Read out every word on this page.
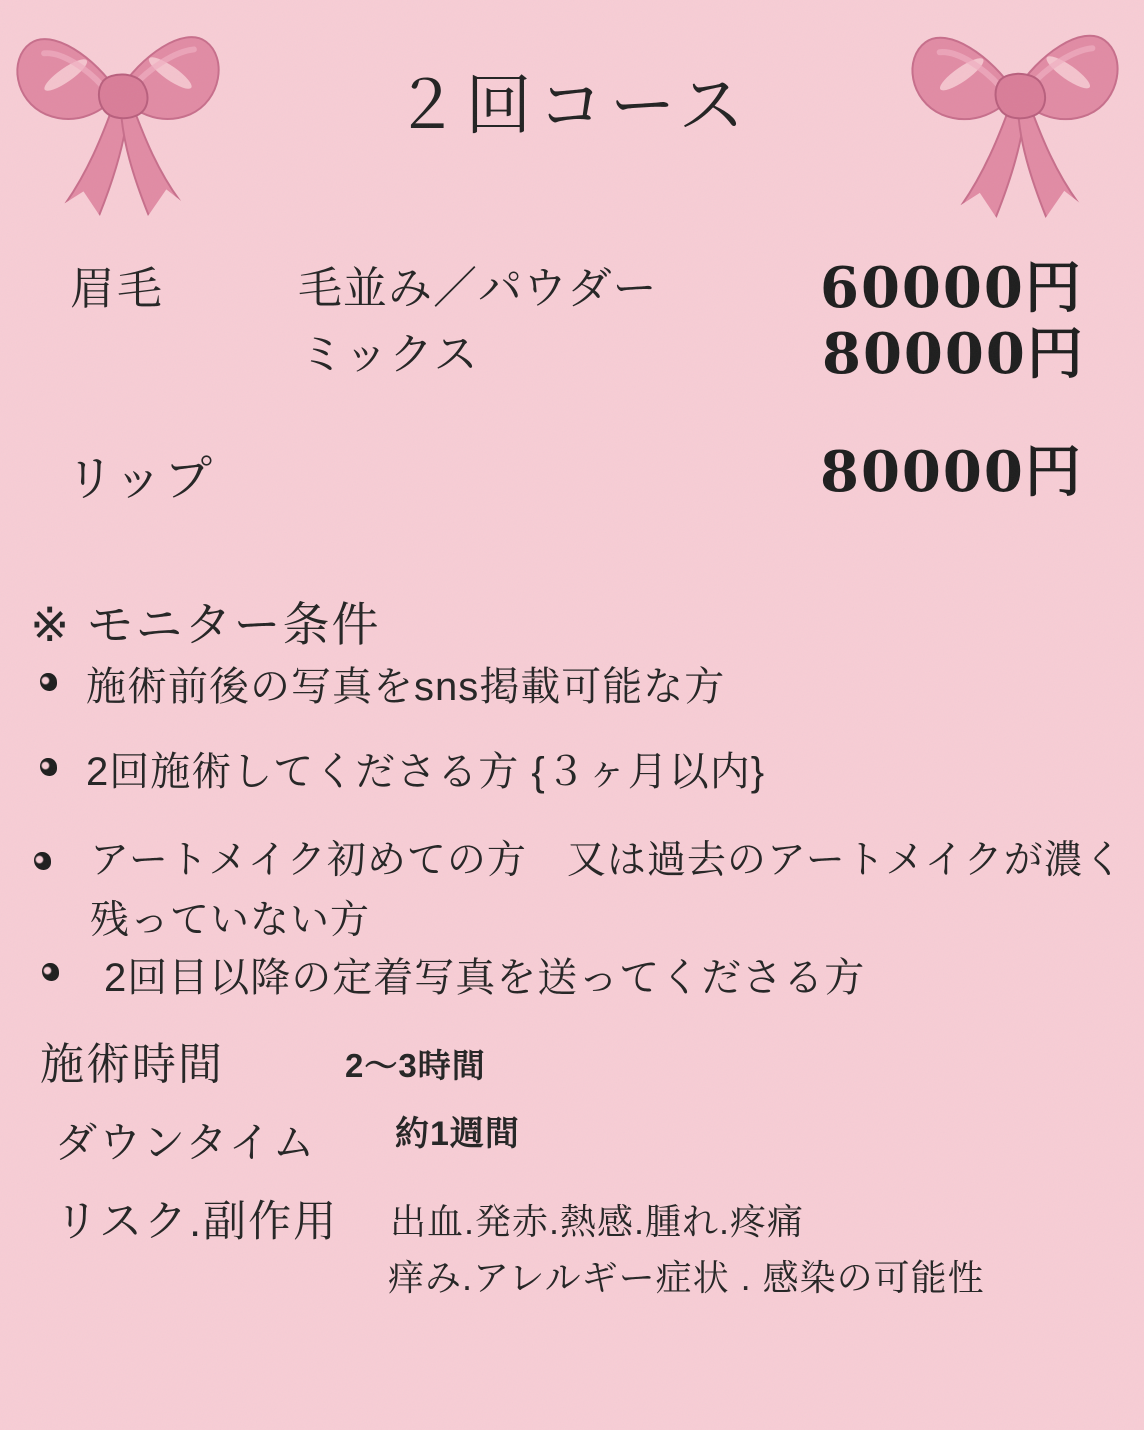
２回コース
眉毛	毛並み／パウダー	60000円
ミックス	80000円
リップ	80000円
※ モニター条件
施術前後の写真をsns掲載可能な方
2回施術してくださる方 {３ヶ月以内}
アートメイク初めての方　又は過去のアートメイクが濃く残っていない方
2回目以降の定着写真を送ってくださる方
施術時間	2〜3時間
ダウンタイム 約1週間
リスク.副作用 出血.発赤.熱感.腫れ.疼痛
痒み.アレルギー症状 . 感染の可能性
